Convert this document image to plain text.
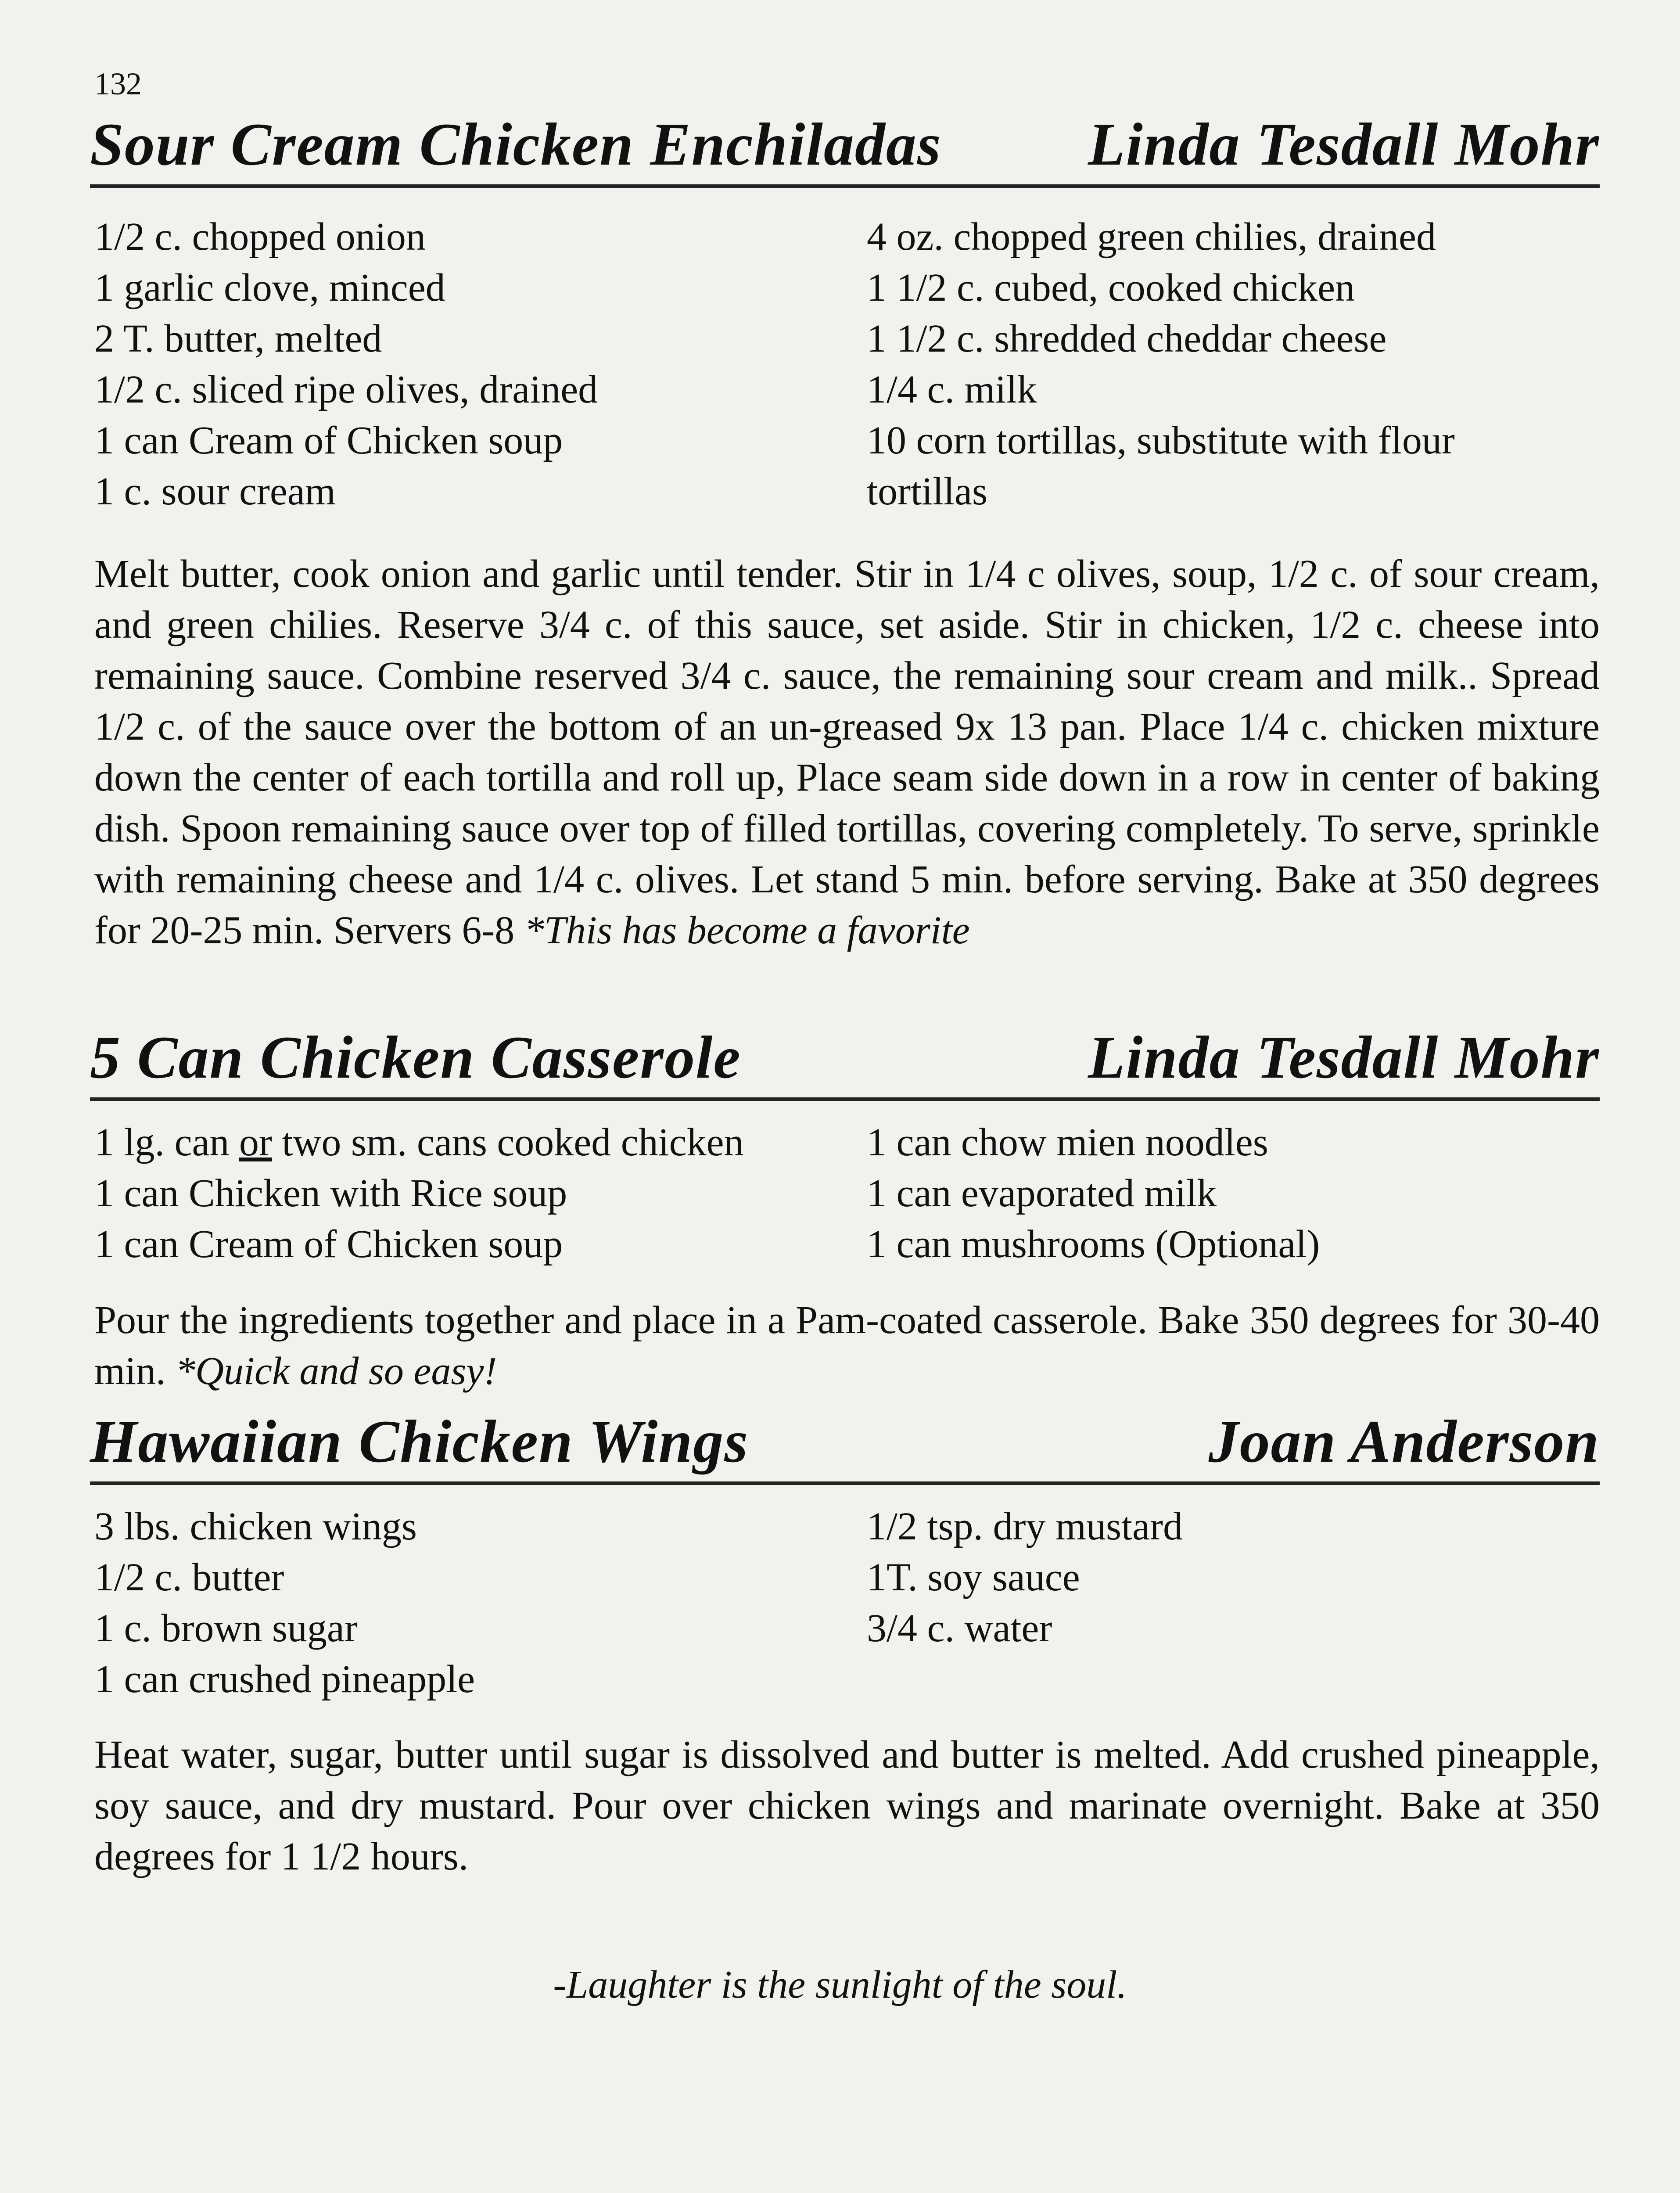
132
Sour Cream Chicken Enchiladas Linda Tesdall Mohr
1/2 c. chopped onion
1 garlic clove, minced
2 T. butter, melted
1/2 c. sliced ripe olives, drained
1 can Cream of Chicken soup
1 c. sour cream
4 oz. chopped green chilies, drained
1 1/2 c. cubed, cooked chicken
1 1/2 c. shredded cheddar cheese
1/4 c. milk
10 corn tortillas, substitute with flour
tortillas
Melt butter, cook onion and garlic until tender. Stir in 1/4 c olives, soup, 1/2 c. of sour cream, and green chilies. Reserve 3/4 c. of this sauce, set aside. Stir in chicken, 1/2 c. cheese into remaining sauce. Combine reserved 3/4 c. sauce, the remaining sour cream and milk.. Spread 1/2 c. of the sauce over the bottom of an un-greased 9x 13 pan. Place 1/4 c. chicken mixture down the center of each tortilla and roll up, Place seam side down in a row in center of baking dish. Spoon remaining sauce over top of filled tortillas, covering completely. To serve, sprinkle with remaining cheese and 1/4 c. olives. Let stand 5 min. before serving. Bake at 350 degrees for 20-25 min. Servers 6-8 *This has become a favorite
5 Can Chicken Casserole	Linda Tesdall Mohr
1 lg. can or two sm. cans cooked chicken
1 can Chicken with Rice soup
1 can Cream of Chicken soup
1 can chow mien noodles
1 can evaporated milk
1 can mushrooms (Optional)
Pour the ingredients together and place in a Pam-coated casserole. Bake 350 degrees for 30-40 min. *Quick and so easy!
Hawaiian Chicken Wings	Joan Anderson
3 lbs. chicken wings
1/2 c. butter
1 c. brown sugar
1 can crushed pineapple
1/2 tsp. dry mustard
1T. soy sauce
3/4 c. water
Heat water, sugar, butter until sugar is dissolved and butter is melted. Add crushed pineapple, soy sauce, and dry mustard. Pour over chicken wings and marinate overnight. Bake at 350 degrees for 1 1/2 hours.
-Laughter is the sunlight of the soul.
